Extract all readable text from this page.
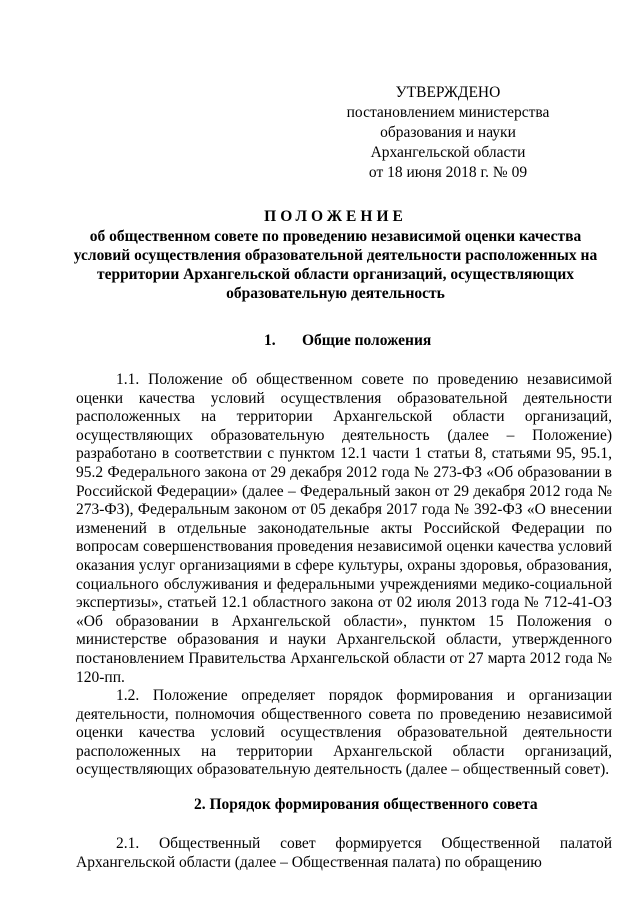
УТВЕРЖДЕНО
постановлением министерства
образования и науки
Архангельской области
от 18 июня 2018 г. № 09
ПОЛОЖЕНИЕ
об общественном совете по проведению независимой оценки качества условий осуществления образовательной деятельности расположенных на территории Архангельской области организаций, осуществляющих образовательную деятельность
1. Общие положения

1.1. Положение об общественном совете по проведению независимой оценки качества условий осуществления образовательной деятельности расположенных на территории Архангельской области организаций, осуществляющих образовательную деятельность (далее – Положение) разработано в соответствии с пунктом 12.1 части 1 статьи 8, статьями 95, 95.1, 95.2 Федерального закона от 29 декабря 2012 года № 273-ФЗ «Об образовании в Российской Федерации» (далее – Федеральный закон от 29 декабря 2012 года № 273-ФЗ), Федеральным законом от 05 декабря 2017 года № 392-ФЗ «О внесении изменений в отдельные законодательные акты Российской Федерации по вопросам совершенствования проведения независимой оценки качества условий оказания услуг организациями в сфере культуры, охраны здоровья, образования, социального обслуживания и федеральными учреждениями медико-социальной экспертизы», статьей 12.1 областного закона от 02 июля 2013 года № 712-41-ОЗ «Об образовании в Архангельской области», пунктом 15 Положения о министерстве образования и науки Архангельской области, утвержденного постановлением Правительства Архангельской области от 27 марта 2012 года № 120-пп.

1.2. Положение определяет порядок формирования и организации деятельности, полномочия общественного совета по проведению независимой оценки качества условий осуществления образовательной деятельности расположенных на территории Архангельской области организаций, осуществляющих образовательную деятельность (далее – общественный совет).

2. Порядок формирования общественного совета

2.1. Общественный совет формируется Общественной палатой Архангельской области (далее – Общественная палата) по обращению
